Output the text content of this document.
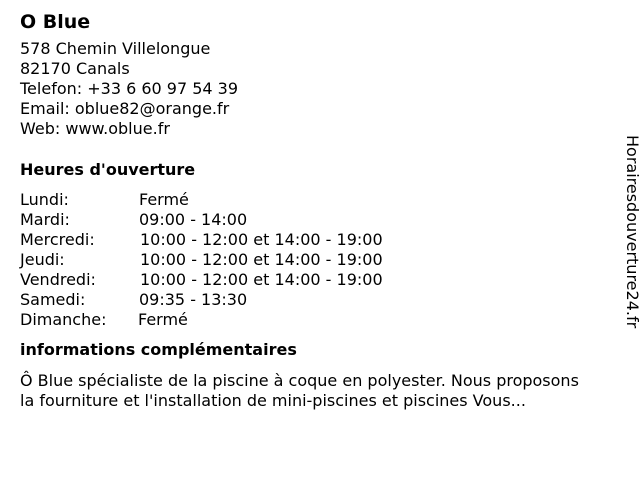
O Blue
578 Chemin Villelongue
82170 Canals
Telefon: +33 6 60 97 54 39
Email: oblue82@orange.fr
Web: www.oblue.fr
Heures d'ouverture
Lundi:	Fermé
Mardi:	09:00 - 14:00
Mercredi:	10:00 - 12:00 et 14:00 - 19:00
Jeudi:	10:00 - 12:00 et 14:00 - 19:00
Vendredi:	10:00 - 12:00 et 14:00 - 19:00
Samedi:	09:35 - 13:30
Dimanche: Fermé
informations complémentaires
Ô Blue spécialiste de la piscine à coque en polyester. Nous proposons
la fourniture et l'installation de mini-piscines et piscines Vous...
Horairesdouverture24.fr
